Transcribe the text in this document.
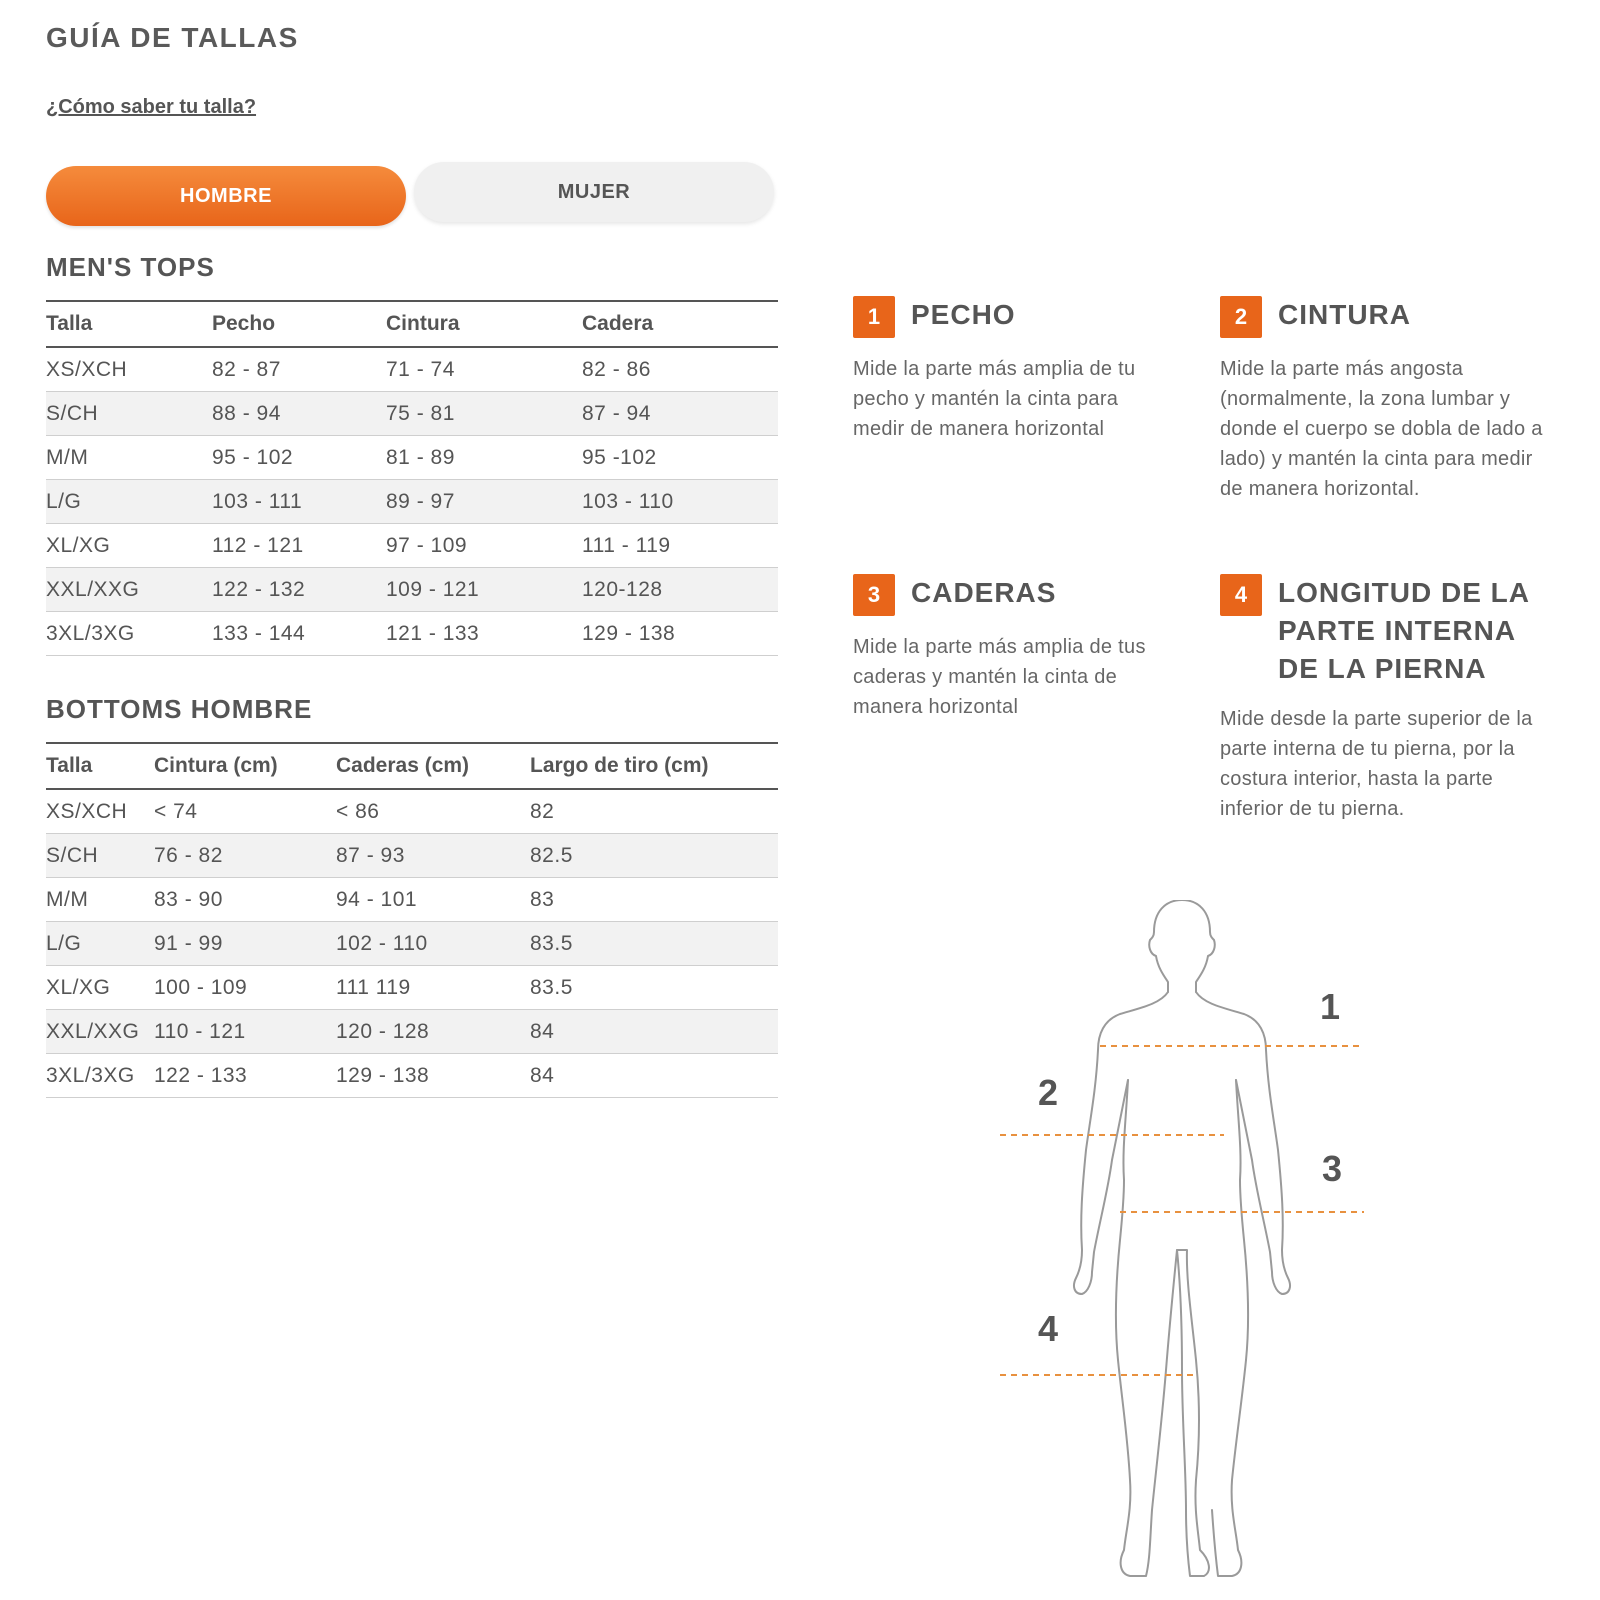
GUÍA DE TALLAS
¿Cómo saber tu talla?
HOMBRE	MUJER
MEN'S TOPS
Talla	Pecho	Cintura	Cadera
XS/XCH	82 - 87	71 - 74	82 - 86
S/CH	88 - 94	75 - 81	87 - 94
M/M	95 - 102	81 - 89	95 -102
L/G	103 - 111	89 - 97	103 - 110
XL/XG	112 - 121	97 - 109	111 - 119
XXL/XXG	122 - 132	109 - 121	120-128
3XL/3XG	133 - 144	121 - 133	129 - 138
BOTTOMS HOMBRE
Talla	Cintura (cm)	Caderas (cm)	Largo de tiro (cm)
XS/XCH	< 74	< 86	82
S/CH	76 - 82	87 - 93	82.5
M/M	83 - 90	94 - 101	83
L/G	91 - 99	102 - 110	83.5
XL/XG	100 - 109	111 119	83.5
XXL/XXG	110 - 121	120 - 128	84
3XL/3XG	122 - 133	129 - 138	84
1	PECHO

Mide la parte más amplia de tu pecho y mantén la cinta para medir de manera horizontal

2	CINTURA

Mide la parte más angosta (normalmente, la zona lumbar y donde el cuerpo se dobla de lado a lado) y mantén la cinta para medir de manera horizontal.

3	CADERAS

Mide la parte más amplia de tus caderas y mantén la cinta de manera horizontal

4	LONGITUD DE LA PARTE INTERNA DE LA PIERNA

Mide desde la parte superior de la parte interna de tu pierna, por la costura interior, hasta la parte inferior de tu pierna.

1
2
3
4
